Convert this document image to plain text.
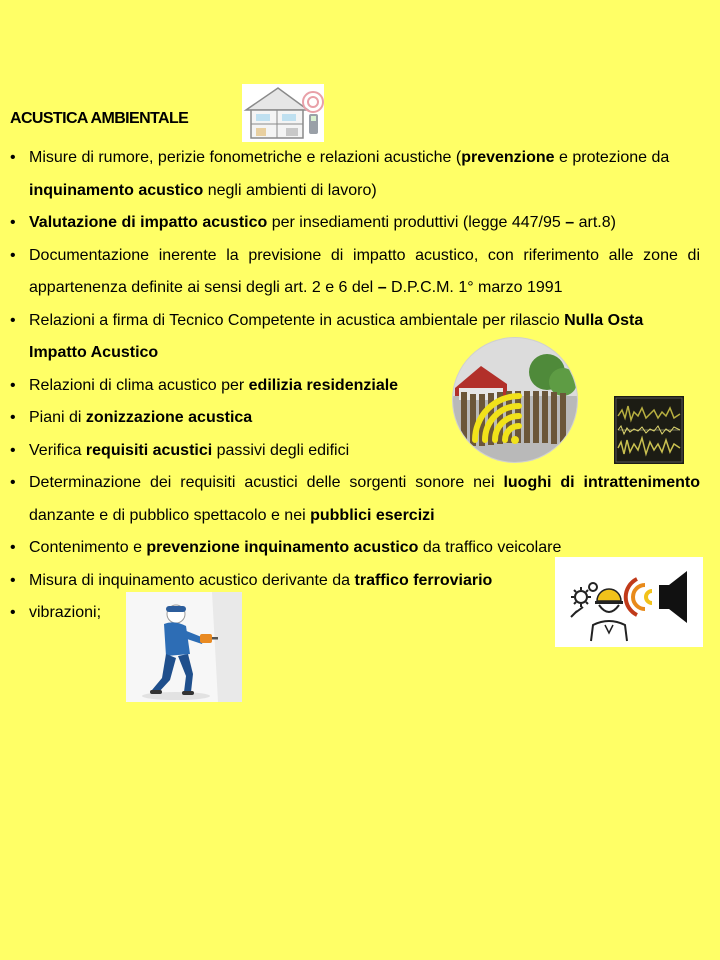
ACUSTICA AMBIENTALE
• Misure di rumore, perizie fonometriche e relazioni acustiche (prevenzione e protezione da inquinamento acustico negli ambienti di lavoro)
• Valutazione di impatto acustico per insediamenti produttivi (legge 447/95 – art.8)
• Documentazione inerente la previsione di impatto acustico, con riferimento alle zone di appartenenza definite ai sensi degli art. 2 e 6 del – D.P.C.M. 1° marzo 1991
• Relazioni a firma di Tecnico Competente in acustica ambientale per rilascio Nulla Osta Impatto Acustico
• Relazioni di clima acustico per edilizia residenziale
• Piani di zonizzazione acustica
• Verifica requisiti acustici passivi degli edifici
• Determinazione dei requisiti acustici delle sorgenti sonore nei luoghi di intrattenimento danzante e di pubblico spettacolo e nei pubblici esercizi
• Contenimento e prevenzione inquinamento acustico da traffico veicolare
• Misura di inquinamento acustico derivante da traffico ferroviario
• vibrazioni;
